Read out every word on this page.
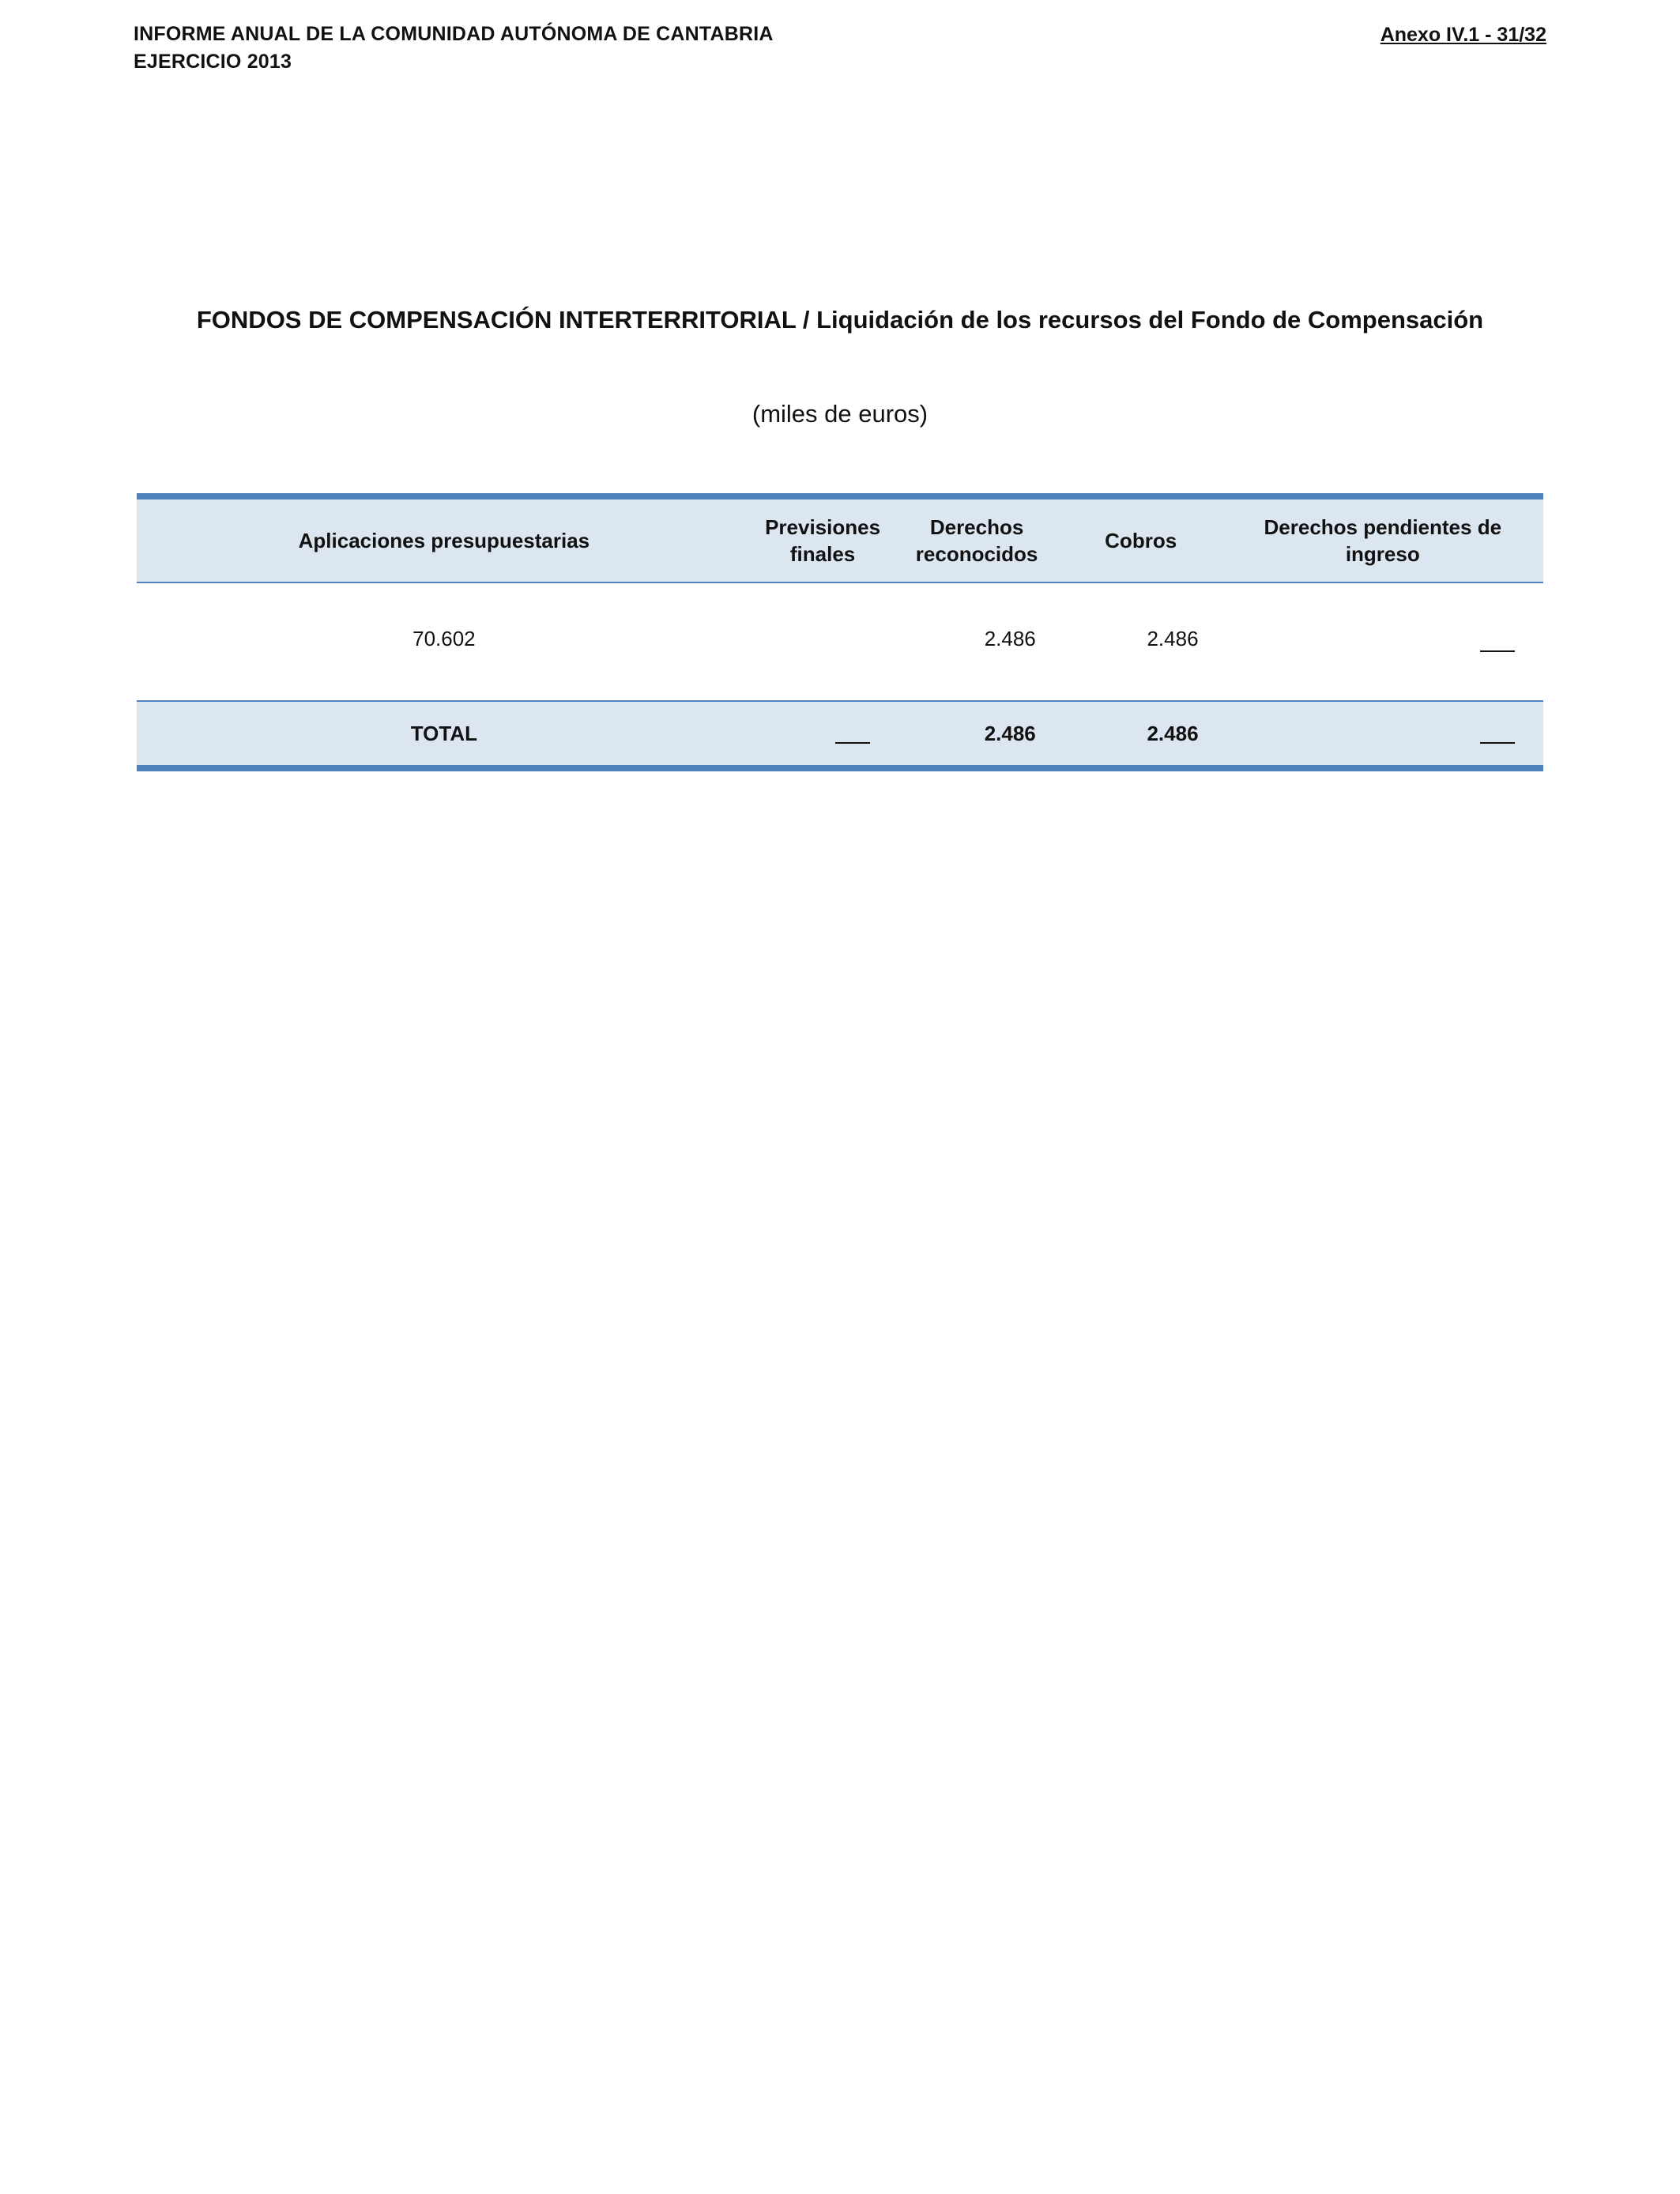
INFORME ANUAL DE LA COMUNIDAD AUTÓNOMA DE CANTABRIA
EJERCICIO 2013
Anexo IV.1 - 31/32
FONDOS DE COMPENSACIÓN INTERTERRITORIAL / Liquidación de los recursos del Fondo de Compensación
(miles de euros)
Aplicaciones presupuestarias	Previsiones finales	Derechos reconocidos	Cobros	Derechos pendientes de ingreso
70.602		2.486	2.486	
TOTAL		2.486	2.486	
